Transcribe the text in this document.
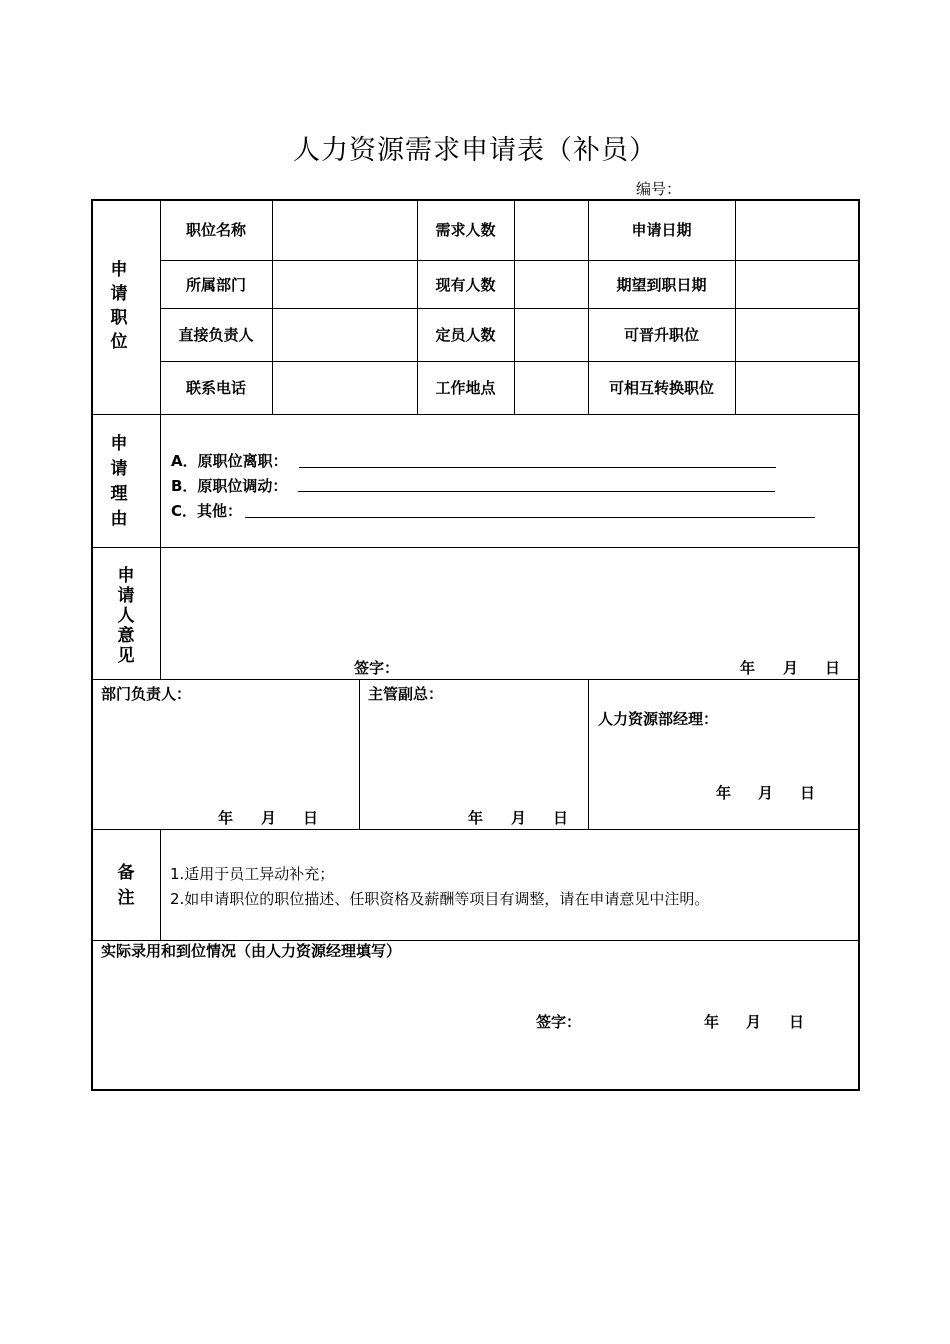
人力资源需求申请表（补员）
编号：
申请职位
职位名称	需求人数	申请日期
所属部门	现有人数	期望到职日期
直接负责人	定员人数	可晋升职位
联系电话	工作地点	可相互转换职位
申请理由
A．原职位离职：
B．原职位调动：
C．其他：
申请人意见
签字：	年 月 日
部门负责人：
年 月 日
主管副总：
年 月 日
人力资源部经理：
年 月 日
备注
1.适用于员工异动补充；
2.如申请职位的职位描述、任职资格及薪酬等项目有调整，请在申请意见中注明。
实际录用和到位情况（由人力资源经理填写）
签字：	年 月 日
